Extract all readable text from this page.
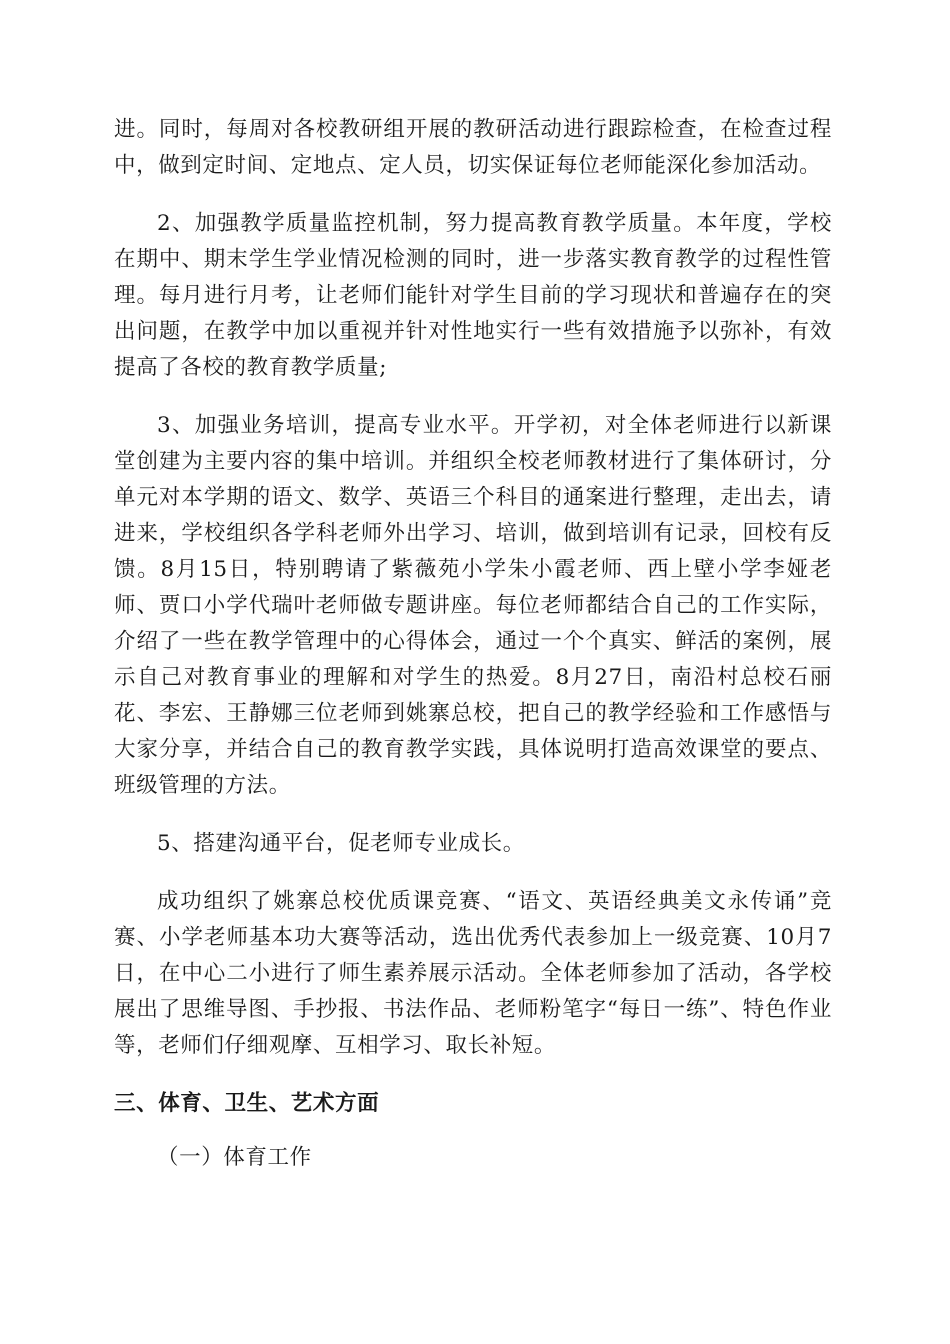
进。同时，每周对各校教研组开展的教研活动进行跟踪检查，在检查过程中，做到定时间、定地点、定人员，切实保证每位老师能深化参加活动。

2、加强教学质量监控机制，努力提高教育教学质量。本年度，学校在期中、期末学生学业情况检测的同时，进一步落实教育教学的过程性管理。每月进行月考，让老师们能针对学生目前的学习现状和普遍存在的突出问题，在教学中加以重视并针对性地实行一些有效措施予以弥补，有效提高了各校的教育教学质量;

3、加强业务培训，提高专业水平。开学初，对全体老师进行以新课堂创建为主要内容的集中培训。并组织全校老师教材进行了集体研讨，分单元对本学期的语文、数学、英语三个科目的通案进行整理，走出去，请进来，学校组织各学科老师外出学习、培训，做到培训有记录，回校有反馈。8月15日，特别聘请了紫薇苑小学朱小霞老师、西上壁小学李娅老师、贾口小学代瑞叶老师做专题讲座。每位老师都结合自己的工作实际，介绍了一些在教学管理中的心得体会，通过一个个真实、鲜活的案例，展示自己对教育事业的理解和对学生的热爱。8月27日，南沿村总校石丽花、李宏、王静娜三位老师到姚寨总校，把自己的教学经验和工作感悟与大家分享，并结合自己的教育教学实践，具体说明打造高效课堂的要点、班级管理的方法。

5、搭建沟通平台，促老师专业成长。

成功组织了姚寨总校优质课竞赛、“语文、英语经典美文永传诵”竞赛、小学老师基本功大赛等活动，选出优秀代表参加上一级竞赛、10月7日，在中心二小进行了师生素养展示活动。全体老师参加了活动，各学校展出了思维导图、手抄报、书法作品、老师粉笔字“每日一练”、特色作业等，老师们仔细观摩、互相学习、取长补短。

三、体育、卫生、艺术方面

（一）体育工作
